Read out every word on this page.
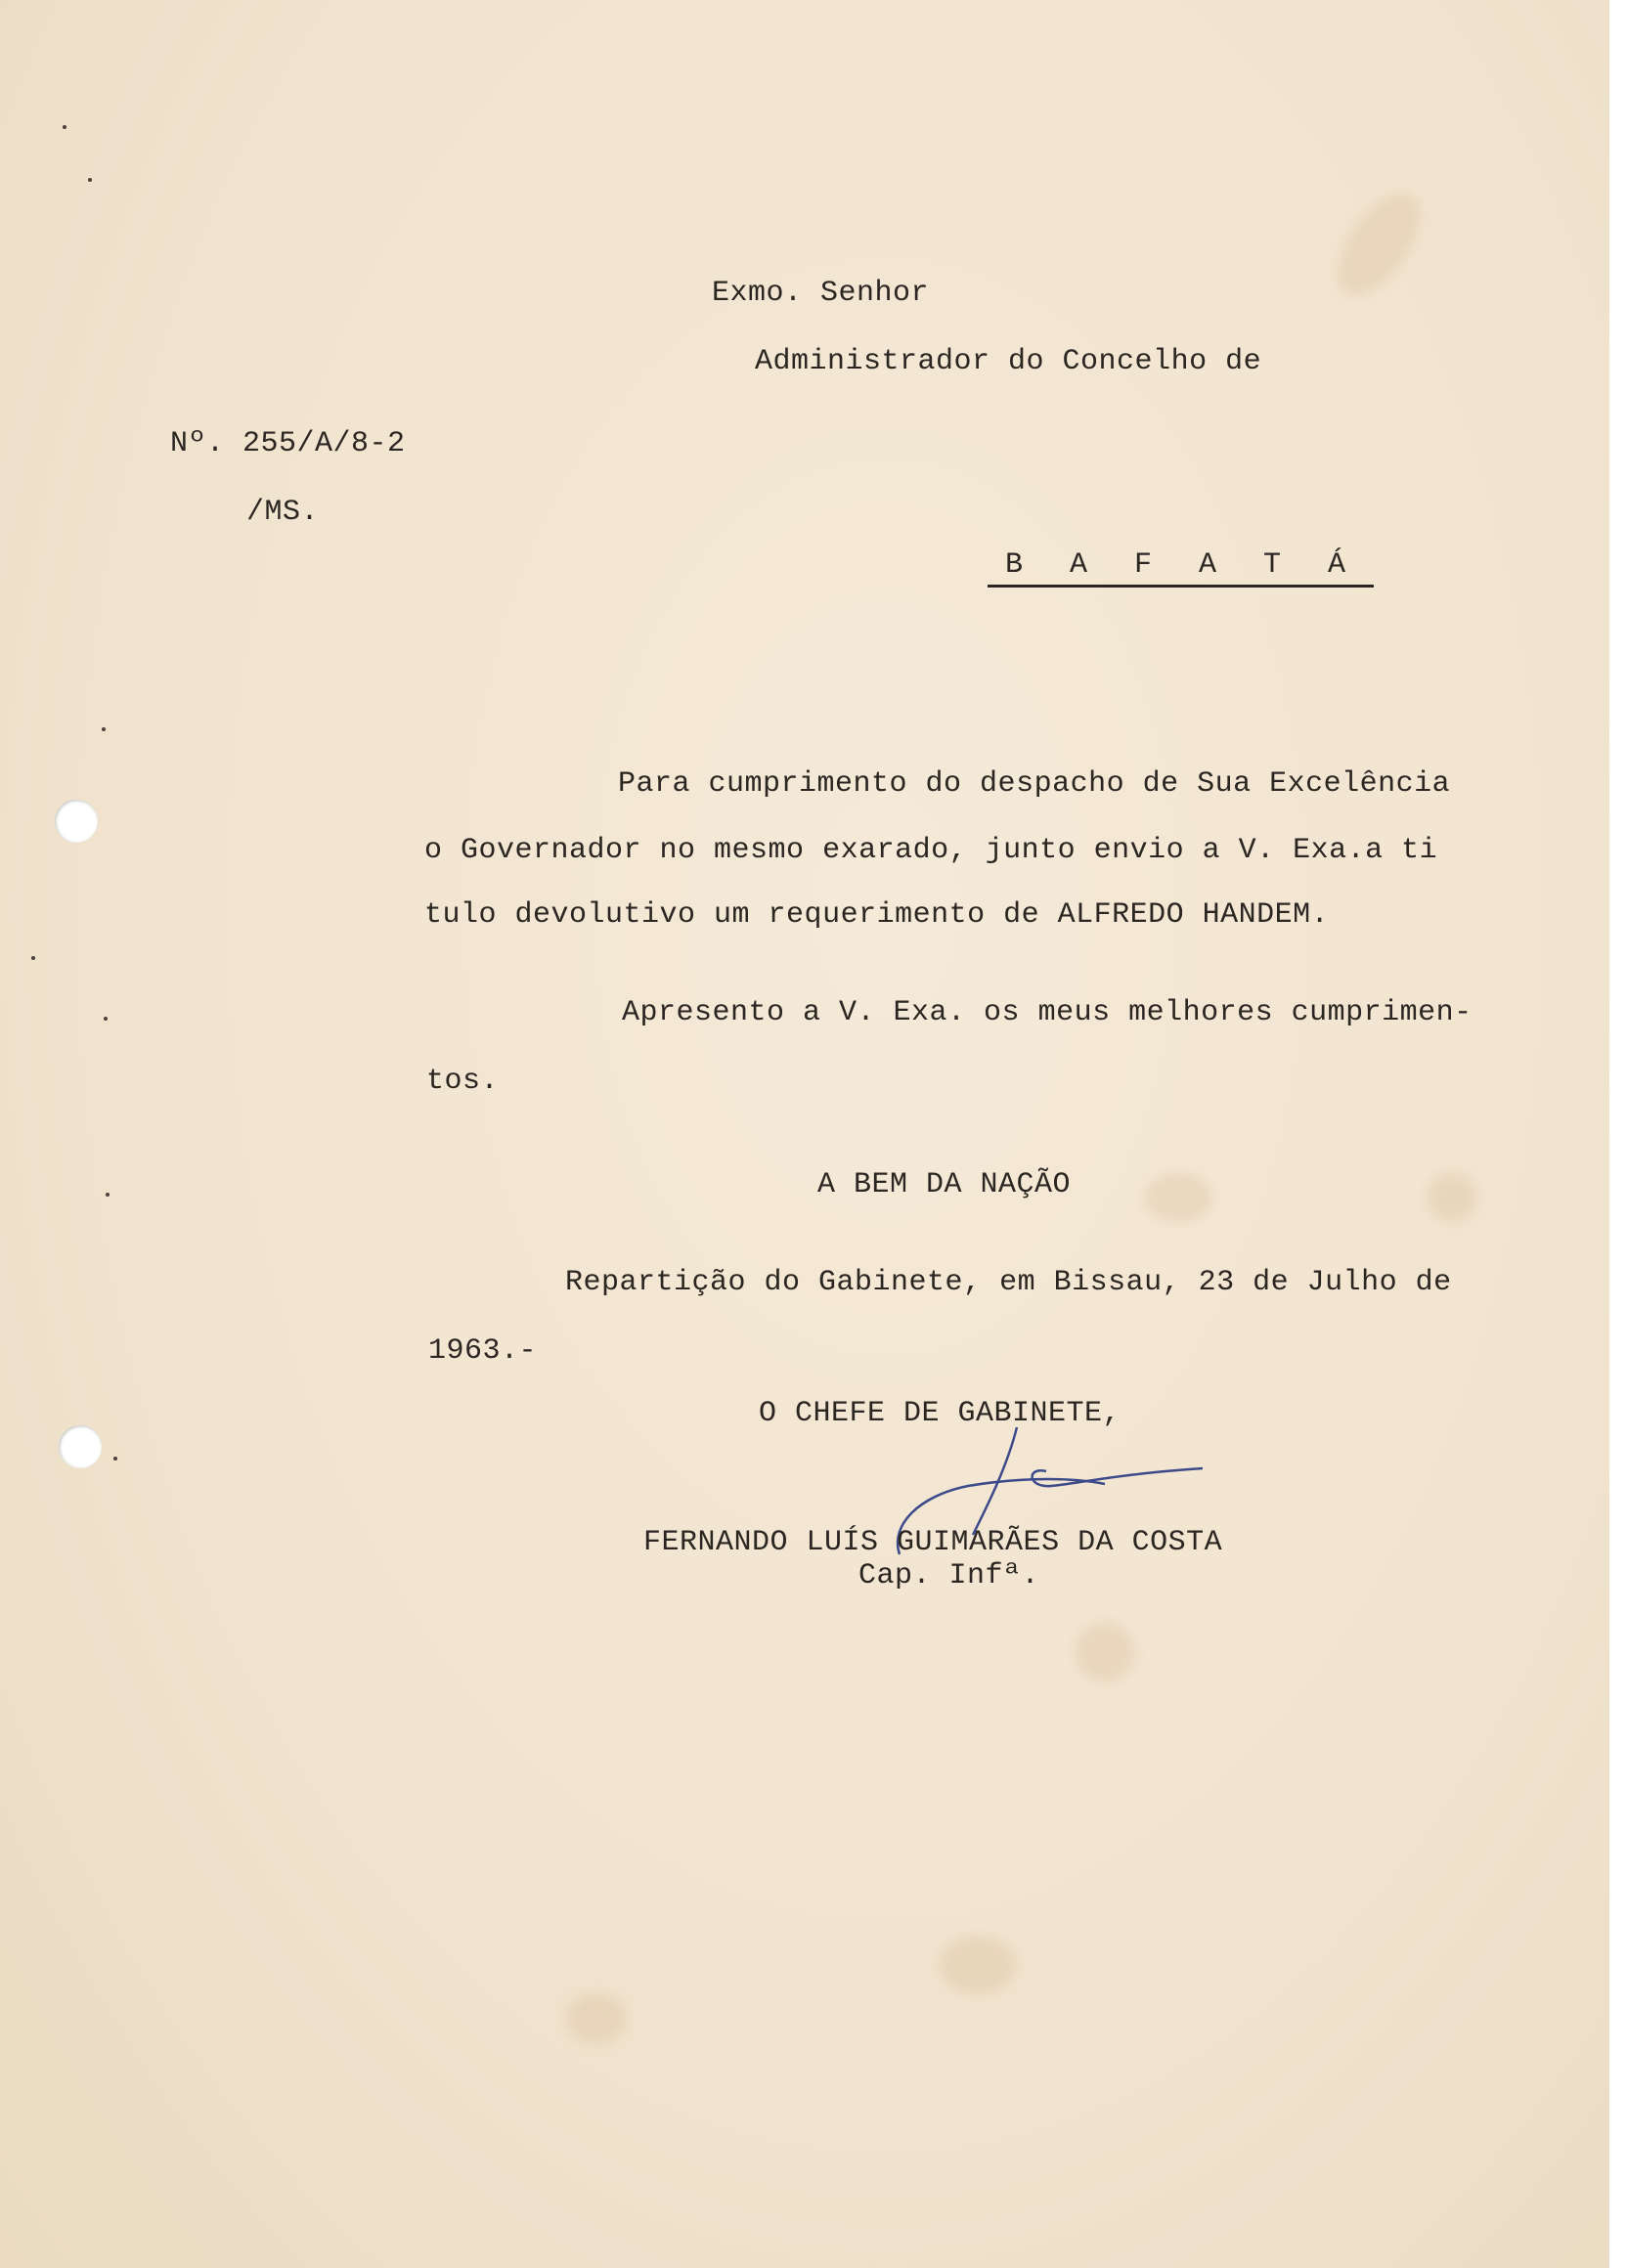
Exmo. Senhor
Administrador do Concelho de
Nº. 255/A/8-2
/MS.
B A F A T Á
Para cumprimento do despacho de Sua Excelência
o Governador no mesmo exarado, junto envio a V. Exa.a ti
tulo devolutivo um requerimento de ALFREDO HANDEM.
Apresento a V. Exa. os meus melhores cumprimen-
tos.
A BEM DA NAÇÃO
Repartição do Gabinete, em Bissau, 23 de Julho de
1963.-
O CHEFE DE GABINETE,
FERNANDO LUÍS GUIMARÃES DA COSTA
Cap. Infª.
